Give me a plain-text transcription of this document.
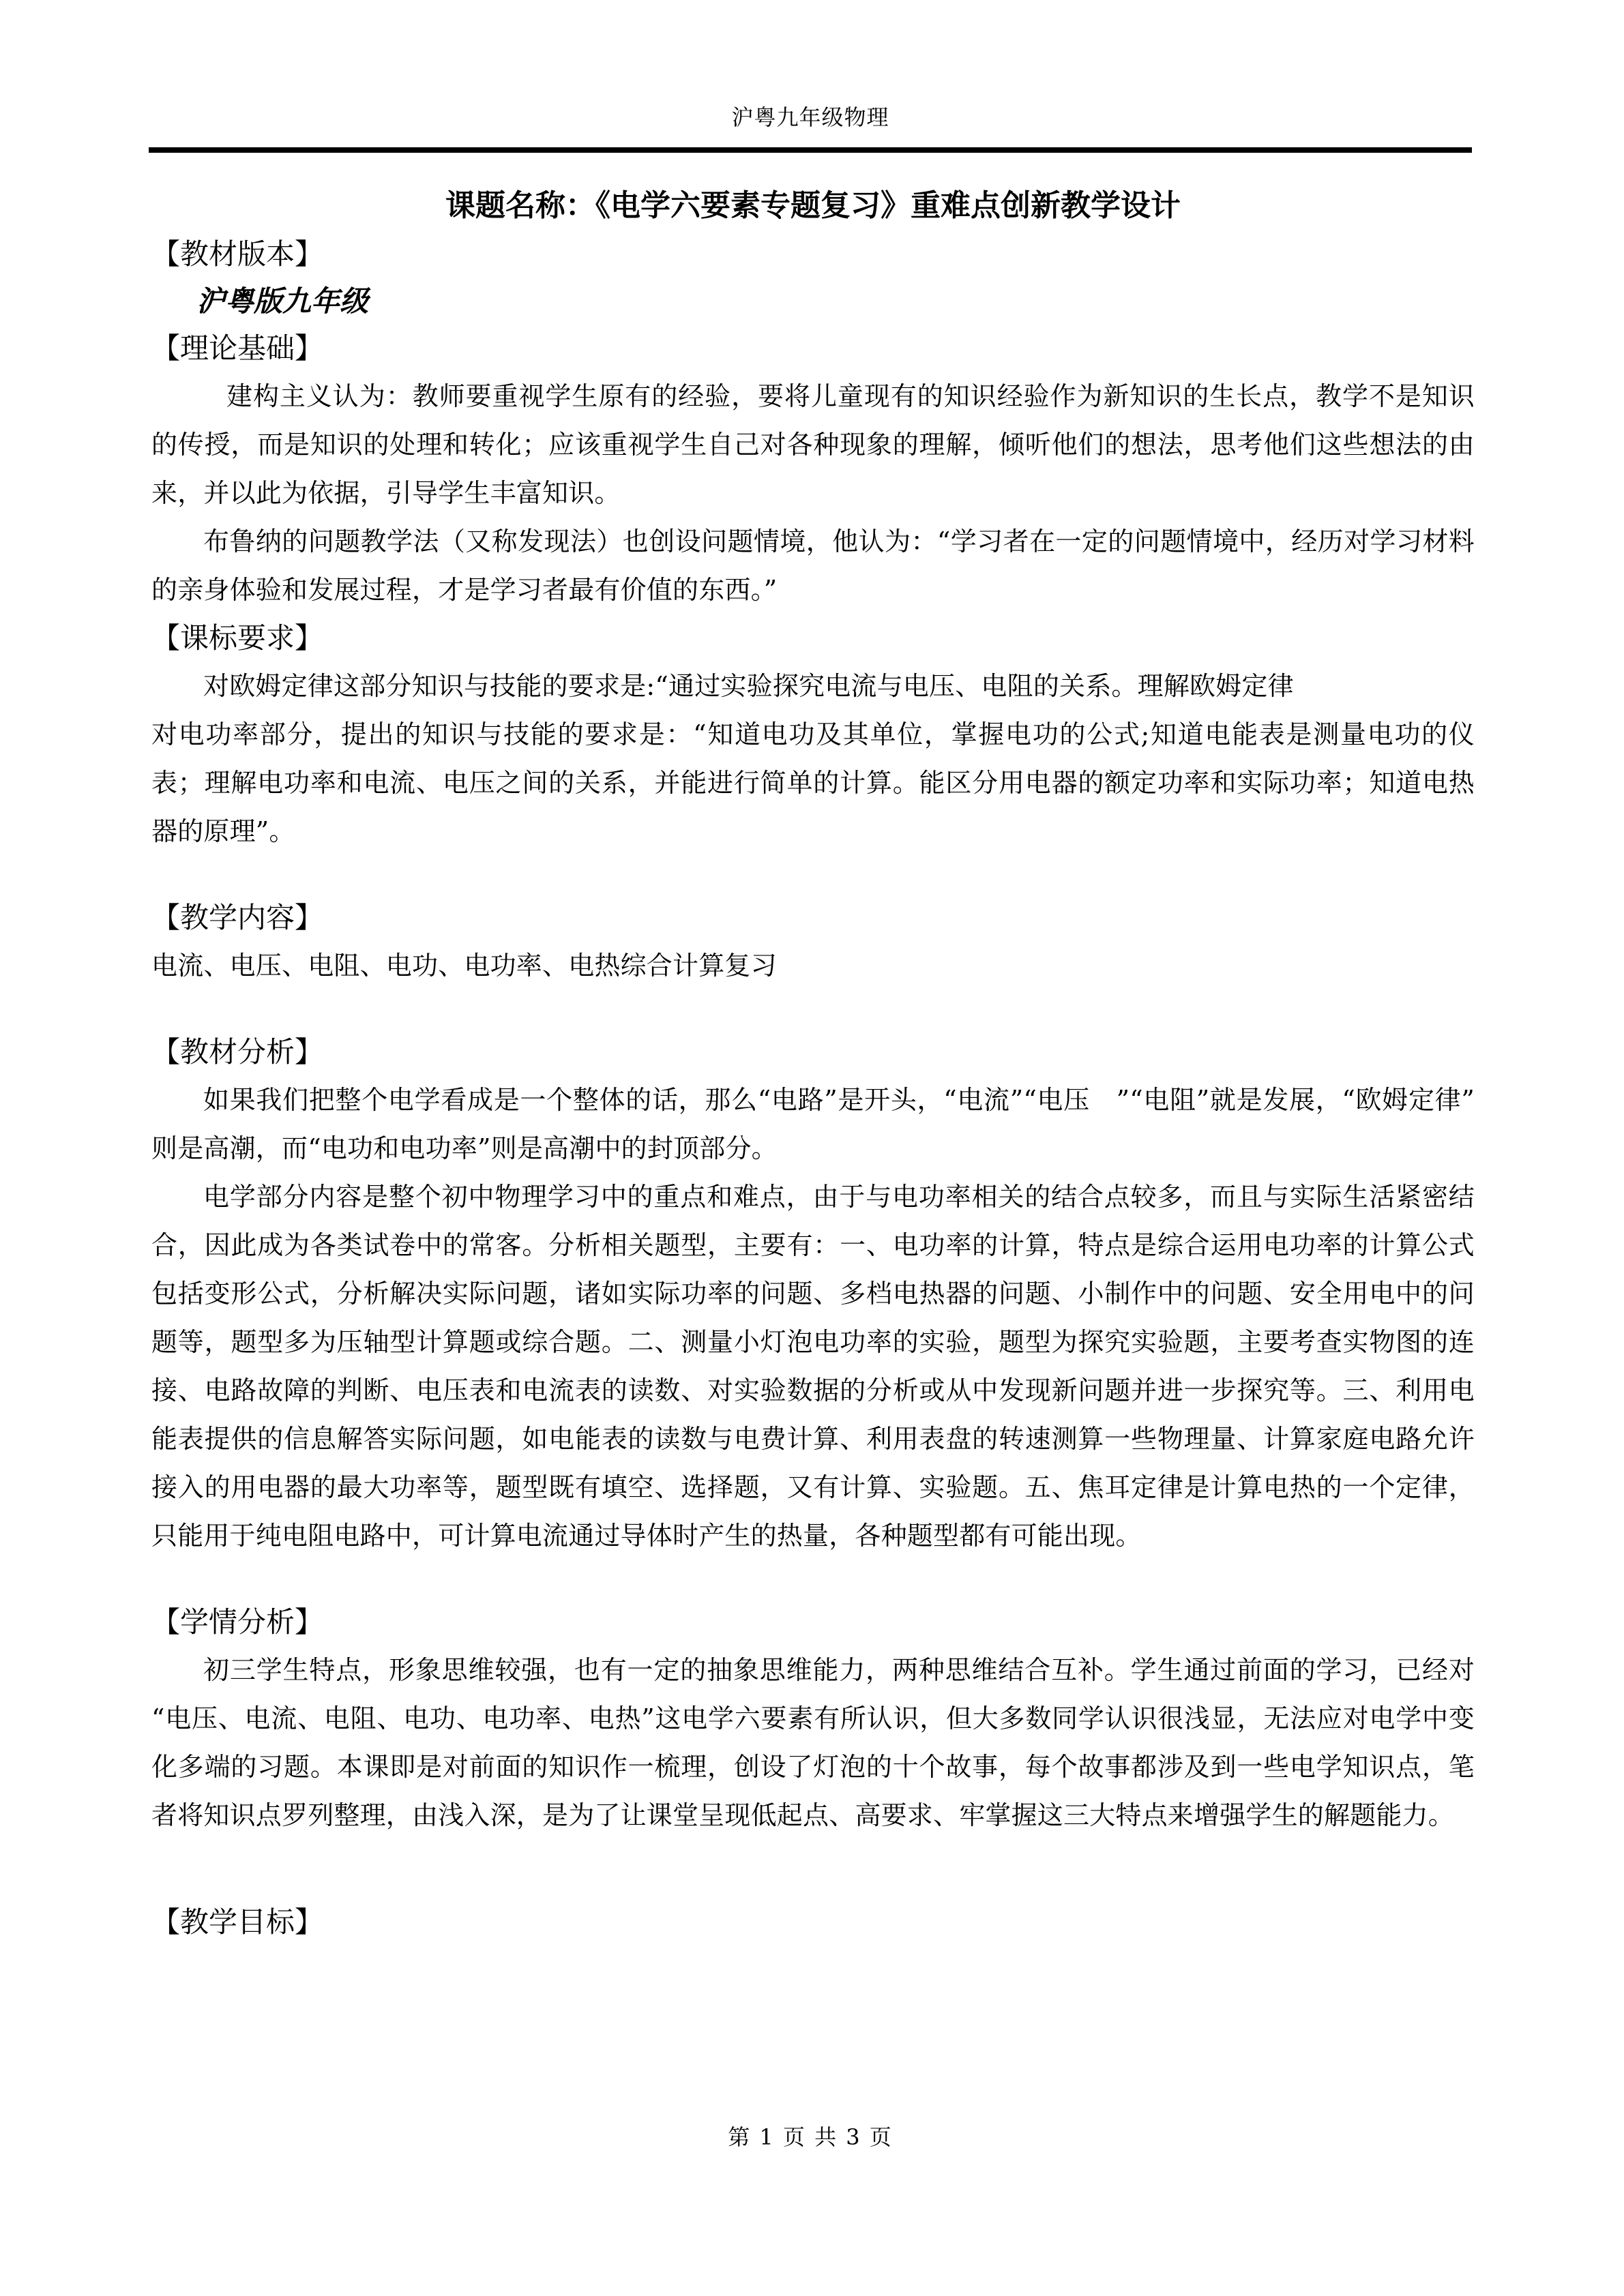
沪粤九年级物理
课题名称：《电学六要素专题复习》重难点创新教学设计
【教材版本】
沪粤版九年级
【理论基础】

建构主义认为：教师要重视学生原有的经验，要将儿童现有的知识经验作为新知识的生长点，教学不是知识的传授，而是知识的处理和转化；应该重视学生自己对各种现象的理解，倾听他们的想法，思考他们这些想法的由来，并以此为依据，引导学生丰富知识。

布鲁纳的问题教学法（又称发现法）也创设问题情境，他认为：“学习者在一定的问题情境中，经历对学习材料的亲身体验和发展过程，才是学习者最有价值的东西。”

【课标要求】

对欧姆定律这部分知识与技能的要求是:“通过实验探究电流与电压、电阻的关系。理解欧姆定律

对电功率部分，提出的知识与技能的要求是：“知道电功及其单位，掌握电功的公式;知道电能表是测量电功的仪表；理解电功率和电流、电压之间的关系，并能进行简单的计算。能区分用电器的额定功率和实际功率；知道电热器的原理”。

【教学内容】

电流、电压、电阻、电功、电功率、电热综合计算复习

【教材分析】

如果我们把整个电学看成是一个整体的话，那么“电路”是开头，“电流”“电压　”“电阻”就是发展，“欧姆定律”则是高潮，而“电功和电功率”则是高潮中的封顶部分。

电学部分内容是整个初中物理学习中的重点和难点，由于与电功率相关的结合点较多，而且与实际生活紧密结合，因此成为各类试卷中的常客。分析相关题型，主要有：一、电功率的计算，特点是综合运用电功率的计算公式包括变形公式，分析解决实际问题，诸如实际功率的问题、多档电热器的问题、小制作中的问题、安全用电中的问题等，题型多为压轴型计算题或综合题。二、测量小灯泡电功率的实验，题型为探究实验题，主要考查实物图的连接、电路故障的判断、电压表和电流表的读数、对实验数据的分析或从中发现新问题并进一步探究等。三、利用电能表提供的信息解答实际问题，如电能表的读数与电费计算、利用表盘的转速测算一些物理量、计算家庭电路允许接入的用电器的最大功率等，题型既有填空、选择题，又有计算、实验题。五、焦耳定律是计算电热的一个定律，只能用于纯电阻电路中，可计算电流通过导体时产生的热量，各种题型都有可能出现。

【学情分析】

初三学生特点，形象思维较强，也有一定的抽象思维能力，两种思维结合互补。学生通过前面的学习，已经对“电压、电流、电阻、电功、电功率、电热”这电学六要素有所认识，但大多数同学认识很浅显，无法应对电学中变化多端的习题。本课即是对前面的知识作一梳理，创设了灯泡的十个故事，每个故事都涉及到一些电学知识点，笔者将知识点罗列整理，由浅入深，是为了让课堂呈现低起点、高要求、牢掌握这三大特点来增强学生的解题能力。

【教学目标】
第 1 页 共 3 页
